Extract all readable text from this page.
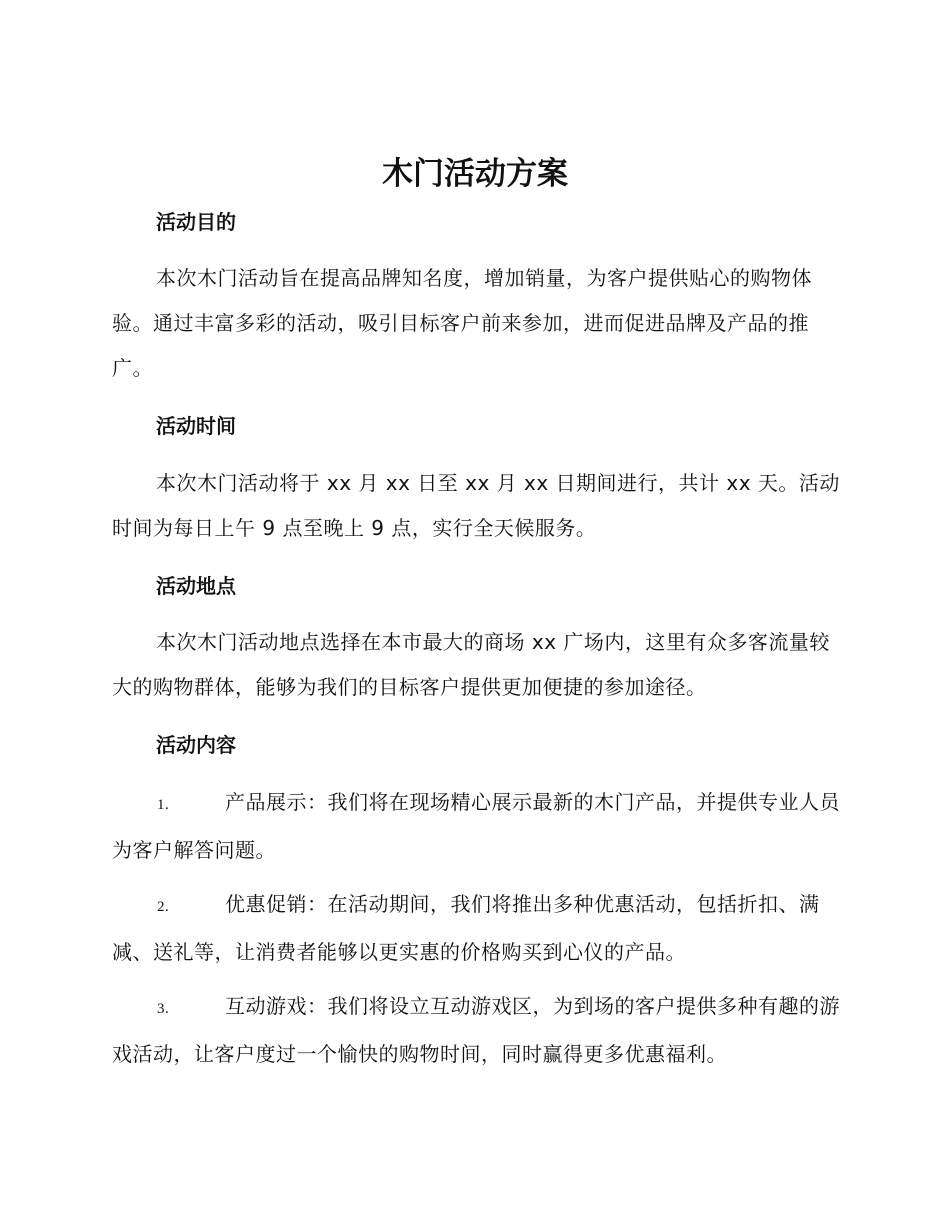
木门活动方案
活动目的

本次木门活动旨在提高品牌知名度，增加销量，为客户提供贴心的购物体验。通过丰富多彩的活动，吸引目标客户前来参加，进而促进品牌及产品的推广。

活动时间

本次木门活动将于 xx 月 xx 日至 xx 月 xx 日期间进行，共计 xx 天。活动时间为每日上午 9 点至晚上 9 点，实行全天候服务。

活动地点

本次木门活动地点选择在本市最大的商场 xx 广场内，这里有众多客流量较大的购物群体，能够为我们的目标客户提供更加便捷的参加途径。

活动内容

1.	产品展示：我们将在现场精心展示最新的木门产品，并提供专业人员为客户解答问题。

2.	优惠促销：在活动期间，我们将推出多种优惠活动，包括折扣、满减、送礼等，让消费者能够以更实惠的价格购买到心仪的产品。

3.	互动游戏：我们将设立互动游戏区，为到场的客户提供多种有趣的游戏活动，让客户度过一个愉快的购物时间，同时赢得更多优惠福利。
